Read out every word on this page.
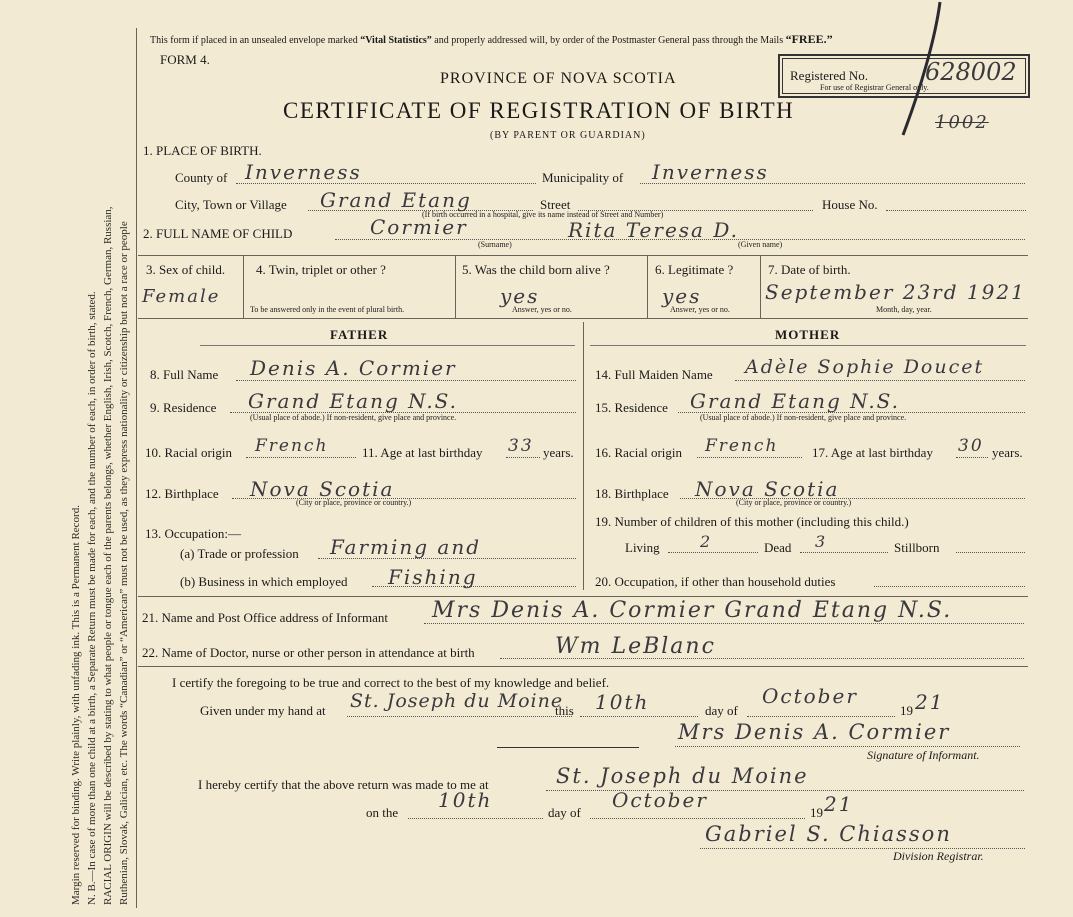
Margin reserved for binding. Write plainly, with unfading ink. This is a Permanent Record. N. B.—In case of more than one child at a birth, a Separate Return must be made for each, and the number of each, in order of birth, stated. RACIAL ORIGIN will be described by stating to what people or tongue each of the parents belongs, whether English, Irish, Scotch, French, German, Russian, Ruthenian, Slovak, Galician, etc. The words “Canadian” or “American” must not be used, as they express nationality or citizenship but not a race or people
This form if placed in an unsealed envelope marked “Vital Statistics” and properly addressed will, by order of the Postmaster General pass through the Mails “FREE.”
FORM 4.
PROVINCE OF NOVA SCOTIA
CERTIFICATE OF REGISTRATION OF BIRTH
(BY PARENT OR GUARDIAN)
Registered No. 628002
For use of Registrar General only.
1002
1. PLACE OF BIRTH.
County of Inverness	Municipality of Inverness
City, Town or Village Grand Etang	Street	House No.
(If birth occurred in a hospital, give its name instead of Street and Number)
2. FULL NAME OF CHILD	Cormier	Rita Teresa D.
(Surname)	(Given name)
3. Sex of child.
Female
4. Twin, triplet or other ?
To be answered only in the event of plural birth.
5. Was the child born alive ?
yes
Answer, yes or no.
6. Legitimate ?
yes
Answer, yes or no.
7. Date of birth.
September 23rd 1921
Month, day, year.
FATHER	MOTHER
8. Full Name Denis A. Cormier
9. Residence Grand Etang N.S.
(Usual place of abode.) If non-resident, give place and province.
10. Racial origin French	11. Age at last birthday 33 years.
12. Birthplace Nova Scotia
(City or place, province or country.)
13. Occupation:—
(a) Trade or profession Farming and
(b) Business in which employed Fishing
14. Full Maiden Name Adèle Sophie Doucet
15. Residence Grand Etang N.S.
(Usual place of abode.) If non-resident, give place and province.
16. Racial origin French	17. Age at last birthday 30 years.
18. Birthplace Nova Scotia
(City or place, province or country.)
19. Number of children of this mother (including this child.)
Living	2	Dead 3	Stillborn
20. Occupation, if other than household duties
21. Name and Post Office address of Informant Mrs Denis A. Cormier Grand Etang N.S.
22. Name of Doctor, nurse or other person in attendance at birth	Wm LeBlanc
I certify the foregoing to be true and correct to the best of my knowledge and belief.
Given under my hand at St. Joseph du Moine
this 10th	day of
October
19 21
Mrs Denis A. Cormier
Signature of Informant.
I hereby certify that the above return was made to me at	St. Joseph du Moine
on the
10th
day of
October
19 21
Gabriel S. Chiasson
Division Registrar.
